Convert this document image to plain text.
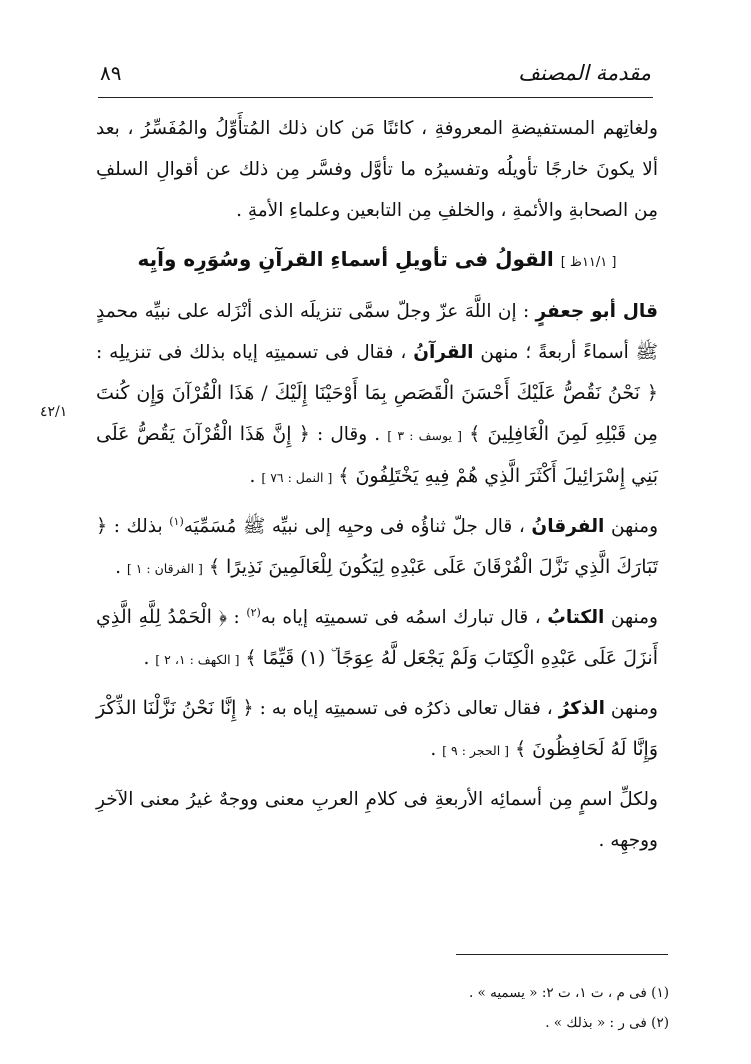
٨٩	مقدمة المصنف
٤٢/١

ولغاتِهم المستفيضةِ المعروفةِ ، كائنًا مَن كان ذلك المُتأَوِّلُ والمُفَسِّرُ ، بعد ألا يكونَ خارجًا تأويلُه وتفسيرُه ما تأوَّل وفسَّر مِن ذلك عن أقوالِ السلفِ مِن الصحابةِ والأئمةِ ، والخلفِ مِن التابعين وعلماءِ الأمةِ .

[ ١١/١ظ ] القولُ فى تأويلِ أسماءِ القرآنِ وسُوَرِه وآيِه

قال أبو جعفرٍ : إن اللَّهَ عزّ وجلّ سمَّى تنزيلَه الذى أنْزَله على نبيِّه محمدٍ ﷺ أسماءً أربعةً ؛ منهن القرآنُ ، فقال فى تسميتِه إياه بذلك فى تنزيلِه : ﴿ نَحْنُ نَقُصُّ عَلَيْكَ أَحْسَنَ الْقَصَصِ بِمَا أَوْحَيْنَا إِلَيْكَ / هَذَا الْقُرْآنَ وَإِن كُنتَ مِن قَبْلِهِ لَمِنَ الْغَافِلِينَ ﴾ [ يوسف : ٣ ] . وقال : ﴿ إِنَّ هَذَا الْقُرْآنَ يَقُصُّ عَلَى بَنِي إِسْرَائِيلَ أَكْثَرَ الَّذِي هُمْ فِيهِ يَخْتَلِفُونَ ﴾ [ النمل : ٧٦ ] .

ومنهن الفرقانُ ، قال جلّ ثناؤُه فى وحيِه إلى نبيِّه ﷺ مُسَمِّيَه$^{(١)}$ بذلك : ﴿ تَبَارَكَ الَّذِي نَزَّلَ الْفُرْقَانَ عَلَى عَبْدِهِ لِيَكُونَ لِلْعَالَمِينَ نَذِيرًا ﴾ [ الفرقان : ١ ] .

ومنهن الكتابُ ، قال تبارك اسمُه فى تسميتِه إياه به$^{(٢)}$ : ﴿ الْحَمْدُ لِلَّهِ الَّذِي أَنزَلَ عَلَى عَبْدِهِ الْكِتَابَ وَلَمْ يَجْعَل لَّهُ عِوَجًا ۜ (١) قَيِّمًا ﴾ [ الكهف : ١، ٢ ] .

ومنهن الذكرُ ، فقال تعالى ذكرُه فى تسميتِه إياه به : ﴿ إِنَّا نَحْنُ نَزَّلْنَا الذِّكْرَ وَإِنَّا لَهُ لَحَافِظُونَ ﴾ [ الحجر : ٩ ] .

ولكلِّ اسمٍ مِن أسمائِه الأربعةِ فى كلامِ العربِ معنى ووجهٌ غيرُ معنى الآخرِ ووجهِه .

(١) فى م ، ت ١، ت ٢: « يسميه » .

(٢) فى ر : « بذلك » .
